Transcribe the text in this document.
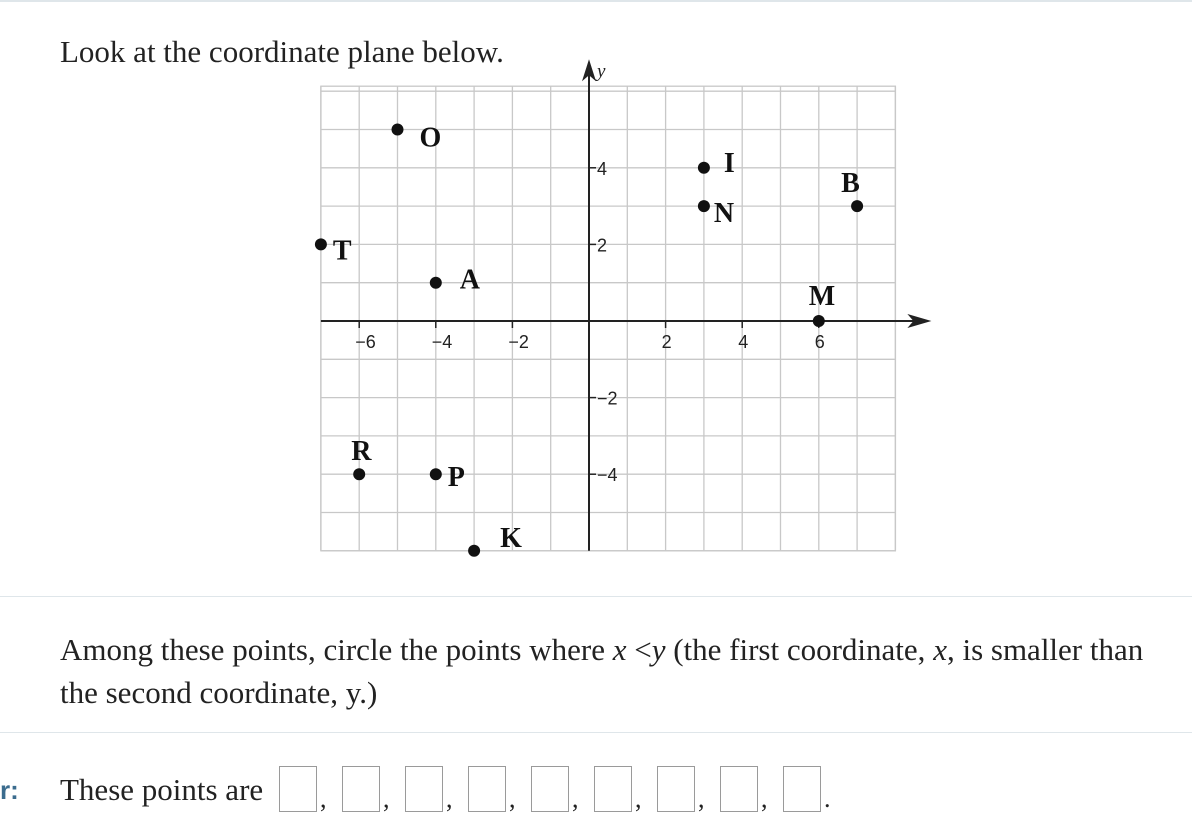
Look at the coordinate plane below.
y
−6	−4	−2	2	4	6
4
2
−2
−4
O
I
N
B
T
A
M
R
P
K
Among these points, circle the points where x <y (the first coordinate, x, is smaller than the second coordinate, y.)
r: These points are ,	,	,	,	,	,	,	,	.
